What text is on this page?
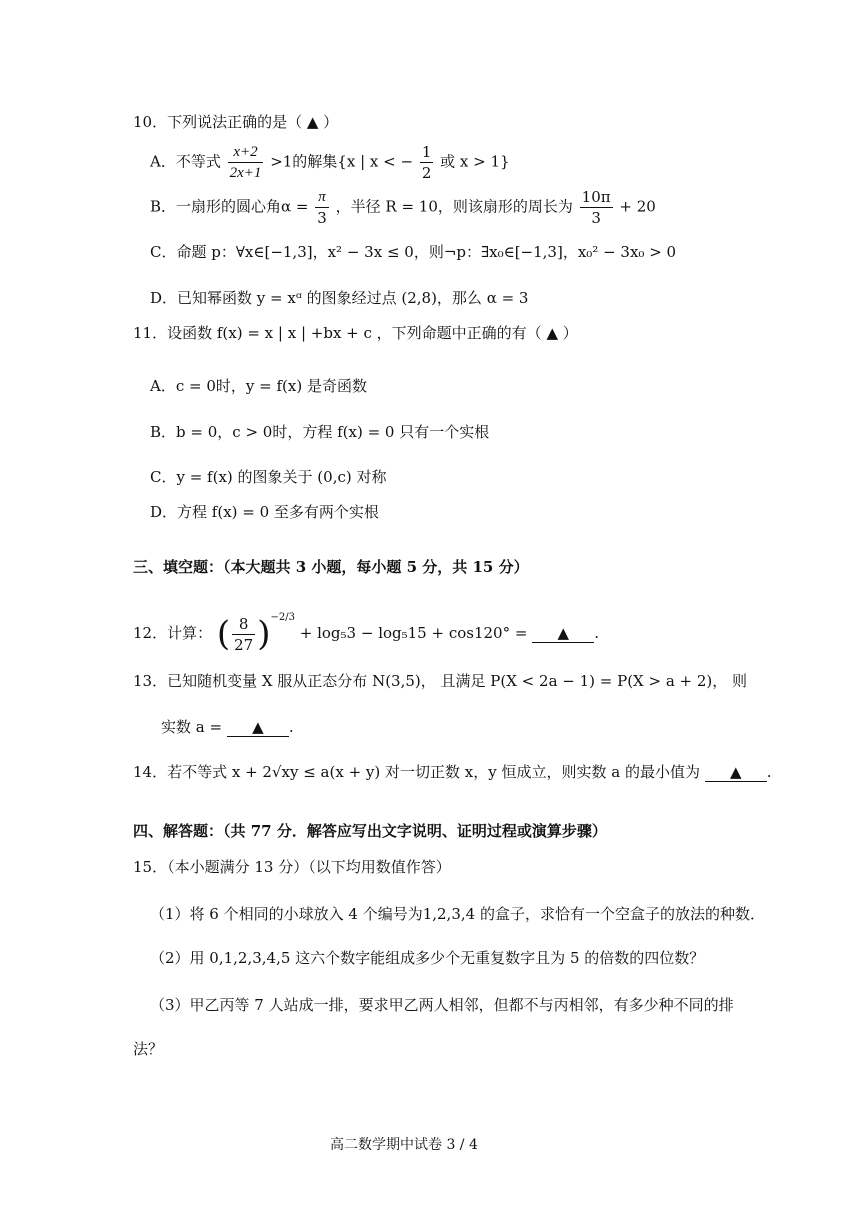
10．下列说法正确的是（ ▲ ）
A．不等式 $\frac{x+2}{2x+1} >1$的解集{x | x < − $\frac{1}{2}$ 或 x > 1}
B．一扇形的圆心角$\alpha = \frac{\pi}{3}$ ，半径 R = 10，则该扇形的周长为 $\frac{10\pi}{3} + 20$
C．命题 p：∀x∈[−1,3]，x² − 3x ≤ 0，则¬p：∃x₀∈[−1,3]，x₀² − 3x₀ > 0
D．已知幂函数 y = xᵅ 的图象经过点 (2,8)，那么 α = 3
11．设函数 f(x) = x | x | +bx + c ，下列命题中正确的有（ ▲ ）
A．c = 0时，y = f(x) 是奇函数
B．b = 0，c > 0时，方程 f(x) = 0 只有一个实根
C．y = f(x) 的图象关于 (0,c) 对称
D．方程 f(x) = 0 至多有两个实根
三、填空题：（本大题共 3 小题，每小题 5 分，共 15 分）
12．计算： ( $\frac{8}{27} )^{-2/3} + \log_53 - \log_515 + \cos 120^\circ$ = ▲ .
13．已知随机变量 X 服从正态分布 N(3,5)， 且满足 P(X < 2a − 1) = P(X > a + 2)， 则
实数 a = ▲ .
14．若不等式 x + 2√xy ≤ a(x + y) 对一切正数 x，y 恒成立，则实数 a 的最小值为 ▲ .
四、解答题：（共 77 分．解答应写出文字说明、证明过程或演算步骤）
15．（本小题满分 13 分）（以下均用数值作答）
（1）将 6 个相同的小球放入 4 个编号为1,2,3,4 的盒子，求恰有一个空盒子的放法的种数．
（2）用 0,1,2,3,4,5 这六个数字能组成多少个无重复数字且为 5 的倍数的四位数？
（3）甲乙丙等 7 人站成一排，要求甲乙两人相邻，但都不与丙相邻，有多少种不同的排
法？
高二数学期中试卷 3 / 4
